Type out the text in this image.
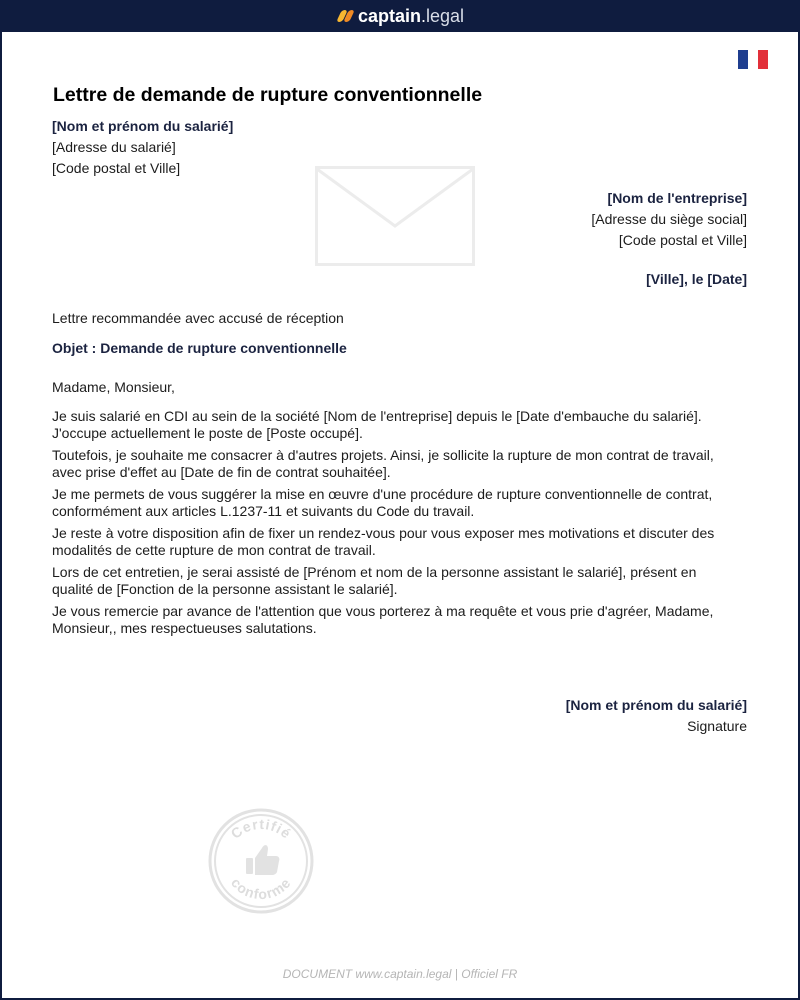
captain . legal
Lettre de demande de rupture conventionnelle
[Nom et prénom du salarié]
[Adresse du salarié]
[Code postal et Ville]
[Nom de l'entreprise]
[Adresse du siège social]
[Code postal et Ville]
[Ville], le [Date]
Lettre recommandée avec accusé de réception
Objet : Demande de rupture conventionnelle
Madame, Monsieur,
Je suis salarié en CDI au sein de la société [Nom de l'entreprise] depuis le [Date d'embauche du salarié]. J'occupe actuellement le poste de [Poste occupé].
Toutefois, je souhaite me consacrer à d'autres projets. Ainsi, je sollicite la rupture de mon contrat de travail, avec prise d'effet au [Date de fin de contrat souhaitée].
Je me permets de vous suggérer la mise en œuvre d'une procédure de rupture conventionnelle de contrat, conformément aux articles L.1237-11 et suivants du Code du travail.
Je reste à votre disposition afin de fixer un rendez-vous pour vous exposer mes motivations et discuter des modalités de cette rupture de mon contrat de travail.
Lors de cet entretien, je serai assisté de [Prénom et nom de la personne assistant le salarié], présent en qualité de [Fonction de la personne assistant le salarié].
Je vous remercie par avance de l'attention que vous porterez à ma requête et vous prie d'agréer, Madame, Monsieur,, mes respectueuses salutations.
[Nom et prénom du salarié]
Signature
Certifié
conforme
DOCUMENT www.captain.legal | Officiel FR
